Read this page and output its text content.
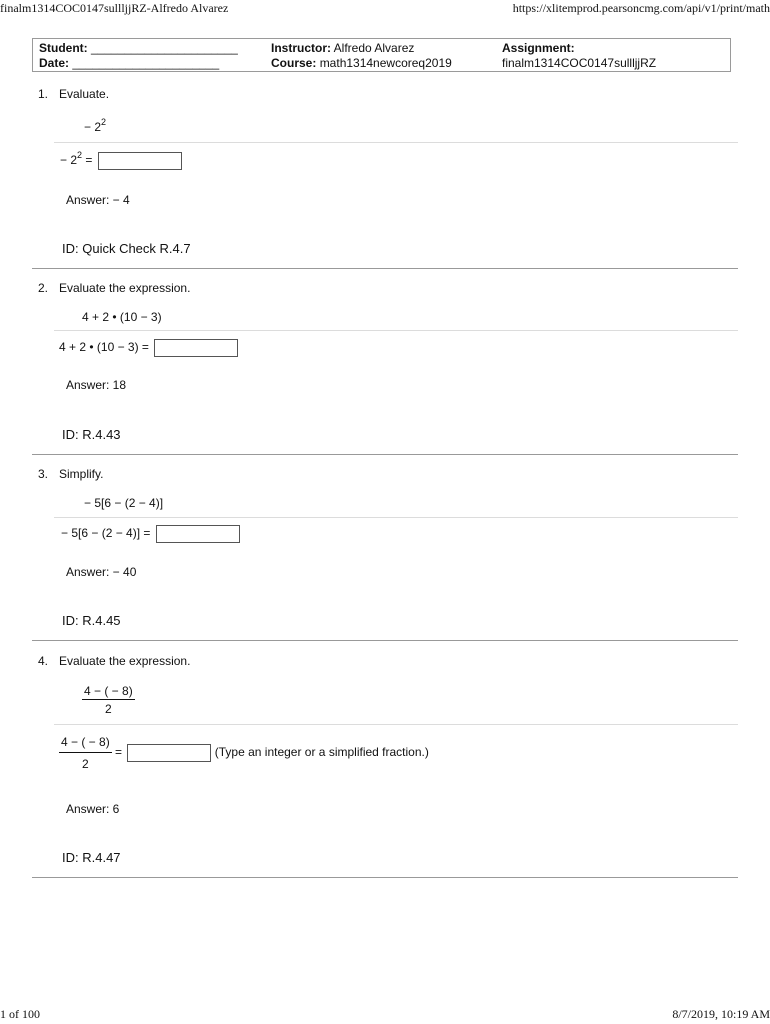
finalm1314COC0147sullljjRZ-Alfredo Alvarez	https://xlitemprod.pearsoncmg.com/api/v1/print/math
Student: ______________________
Date: ______________________
Instructor: Alfredo Alvarez
Course: math1314newcoreq2019
Assignment:
finalm1314COC0147sullljjRZ
1. Evaluate.
− $2^2$
− $2^2$ =
Answer: − 4
ID: Quick Check R.4.7
2. Evaluate the expression.
4 + 2 • (10 − 3)
4 + 2 • (10 − 3) =
Answer: 18
ID: R.4.43
3. Simplify.
− 5[6 − (2 − 4)]
− 5[6 − (2 − 4)] =
Answer: − 40
ID: R.4.45
4. Evaluate the expression.
$\frac{4 - ( - 8)}{2}$
$\frac{4 - ( - 8)}{2}$ =	(Type an integer or a simplified fraction.)
Answer: 6
ID: R.4.47
1 of 100	8/7/2019, 10:19 AM
